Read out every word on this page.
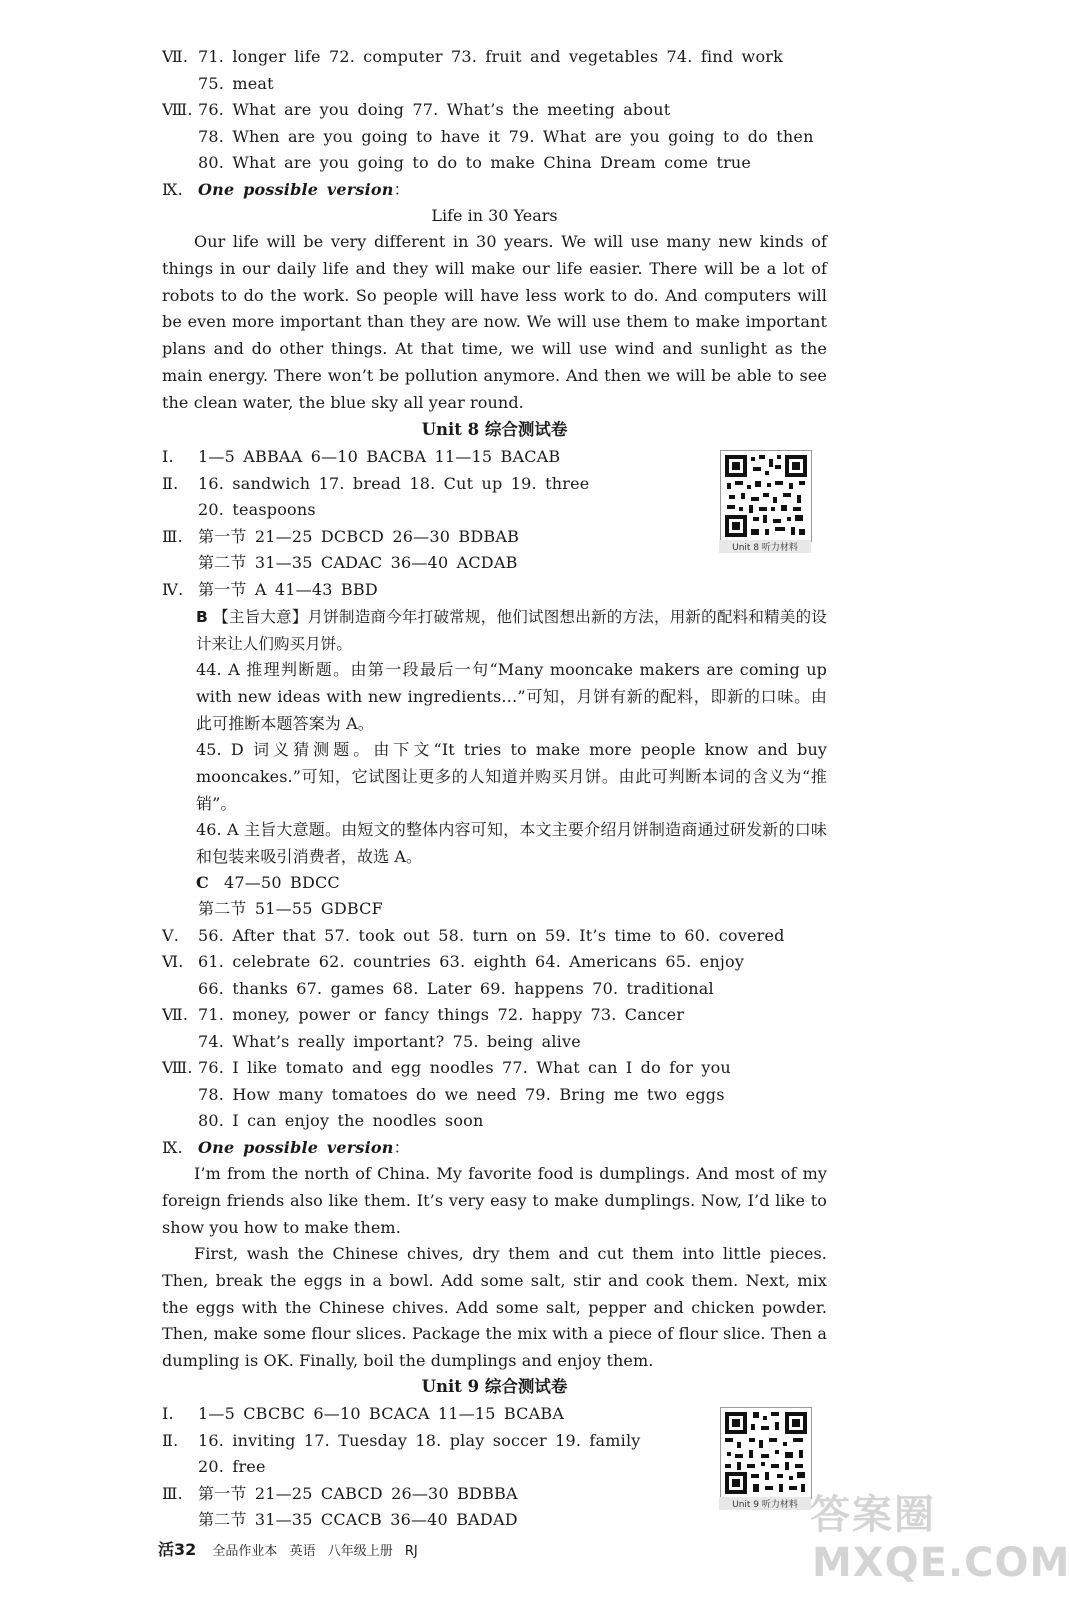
Ⅶ. 71. longer life 72. computer 73. fruit and vegetables 74. find work
75. meat
Ⅷ. 76. What are you doing 77. What’s the meeting about
78. When are you going to have it 79. What are you going to do then
80. What are you going to do to make China Dream come true
Ⅸ. One possible version：
Life in 30 Years
Our life will be very different in 30 years. We will use many new kinds of things in our daily life and they will make our life easier. There will be a lot of robots to do the work. So people will have less work to do. And computers will be even more important than they are now. We will use them to make important plans and do other things. At that time, we will use wind and sunlight as the main energy. There won’t be pollution anymore. And then we will be able to see the clean water, the blue sky all year round.
Unit 8 综合测试卷
Ⅰ.	1—5 ABBAA 6—10 BACBA 11—15 BACAB
Ⅱ.	16. sandwich 17. bread 18. Cut up 19. three
20. teaspoons
Ⅲ. 第一节 21—25 DCBCD 26—30 BDBAB
第二节 31—35 CADAC 36—40 ACDAB
Ⅳ. 第一节 A 41—43 BBD
Unit 8 听力材料
B 【主旨大意】月饼制造商今年打破常规，他们试图想出新的方法，用新的配料和精美的设计来让人们购买月饼。
44. A 推理判断题。由第一段最后一句“Many mooncake makers are coming up with new ideas with new ingredients…”可知，月饼有新的配料，即新的口味。由此可推断本题答案为 A。
45. D 词义猜测题。由下文“It tries to make more people know and buy mooncakes.”可知，它试图让更多的人知道并购买月饼。由此可判断本词的含义为“推销”。
46. A 主旨大意题。由短文的整体内容可知，本文主要介绍月饼制造商通过研发新的口味和包装来吸引消费者，故选 A。
C 47—50 BDCC
第二节 51—55 GDBCF
Ⅴ.	56. After that 57. took out 58. turn on 59. It’s time to 60. covered
Ⅵ. 61. celebrate 62. countries 63. eighth 64. Americans 65. enjoy
66. thanks 67. games 68. Later 69. happens 70. traditional
Ⅶ. 71. money, power or fancy things 72. happy 73. Cancer
74. What’s really important? 75. being alive
Ⅷ. 76. I like tomato and egg noodles 77. What can I do for you
78. How many tomatoes do we need 79. Bring me two eggs
80. I can enjoy the noodles soon
Ⅸ. One possible version：
I’m from the north of China. My favorite food is dumplings. And most of my foreign friends also like them. It’s very easy to make dumplings. Now, I’d like to show you how to make them.
First, wash the Chinese chives, dry them and cut them into little pieces. Then, break the eggs in a bowl. Add some salt, stir and cook them. Next, mix the eggs with the Chinese chives. Add some salt, pepper and chicken powder. Then, make some flour slices. Package the mix with a piece of flour slice. Then a dumpling is OK. Finally, boil the dumplings and enjoy them.
Unit 9 综合测试卷
Ⅰ.	1—5 CBCBC 6—10 BCACA 11—15 BCABA
Ⅱ.	16. inviting 17. Tuesday 18. play soccer 19. family
20. free
Ⅲ. 第一节 21—25 CABCD 26—30 BDBBA
第二节 31—35 CCACB 36—40 BADAD
Unit 9 听力材料 答案圈
MXQE.COM
活32 全品作业本 英语 八年级上册 RJ
